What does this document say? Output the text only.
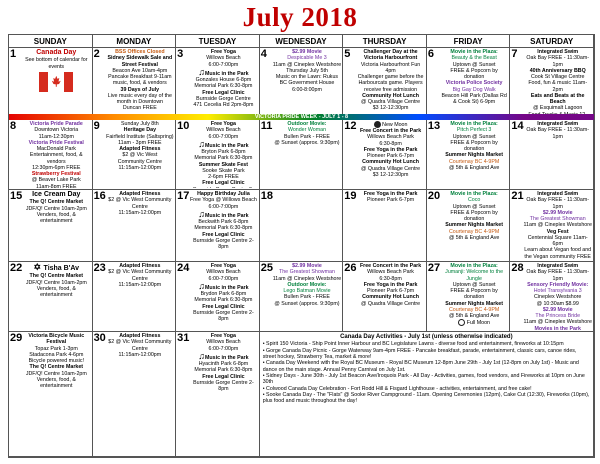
July 2018
SUNDAY	MONDAY	TUESDAY	WEDNESDAY	THURSDAY	FRIDAY	SATURDAY
1	Canada Day
See bottom of calendar for events
2	BSS Offices Closed
Sidney Sidewalk Sale and Street Festival
Beacon Ave 10am-4pm
Pancake Breakfast 9-11am
music, food, & vendors
39 Days of July
Live music every day of the month in Downtown
Duncan FREE
3	Free Yoga
Willows Beach
6:00-7:00pm
♫Music in the Park
Gonzales House 6-8pm
Memorial Park 6:30-8pm
Free Legal Clinic
Burnside Gorge Centre
471 Cecelia Rd 2pm-8pm
4	$2.99 Movie
Despicable Me 3
11am @ Cineplex Westshore
Thursday July 5th
Music on the Lawn: Rukus
BC Government House
6:00-8:00pm
5	Challenger Day at the Victoria Harbourfront
Victoria Harbourfront Fun 4pm
Challenger game before the Harbourcats game. Players receive free admission
Community Hot Lunch
@ Quadra Village Centre
$3 12-12:30pm
6	Movie in the Plaza:
Beauty & the Beast
Uptown @ Sunset
FREE & Popcorn by donation
Victoria Police Society
Big Gay Dog Walk
Beacon Hill Park (Dallas Rd & Cook St) 6-9pm
7	Integrated Swim
Oak Bay FREE - 11:30am-1pm
40th Anniversary BBQ
Cook St Village Centre
Food, fun & music 11am-2pm
Eats and Beats at the Beach
@ Esquimalt Lagoon
8	Victoria Pride Parade
Downtown Victoria
11am-12:30pm
Victoria Pride Festival
MacDonald Park
Entertainment, food, & vendors
12:30pm-6pm FREE
Strawberry Festival
@ Beaver Lake Park
11am-8pm FREE
9	Sunday July 8th
Heritage Day
Fairfield Institute (Saltspring)
11am - 3pm FREE
Adapted Fitness
$2 @ Vic West
Community Centre
11:15am-12:00pm
10	Free Yoga
Willows Beach
6:00-7:00pm
♫Music in the Park
Bryton Park 6-8pm
Memorial Park 6:30-8pm
Summer Skate Fest
Sooke Skate Park
2-6pm FREE
Free Legal Clinic
11	Outdoor Movie:
Wonder Woman
Bullen Park - FREE
@ Sunset (approx. 9:30pm)
12	New Moon
Free Concert in the Park
Willows Beach Park
6:30-8pm
Free Yoga in the Park
Pioneer Park 6-7pm
Community Hot Lunch
@ Quadra Village Centre
$3 12-12:30pm
13	Movie in the Plaza:
Pitch Perfect 3
Uptown @ Sunset
FREE & Popcorn by donation
Summer Nights Market
Courtenay BC 4-9PM
@ 5th & England Ave
14	Integrated Swim
Oak Bay FREE - 11:30am-1pm
15	Ice Cream Day
The Q! Centre Market
JDF/Q! Centre 10am-2pm
Venders, food, & entertainment
16	Adapted Fitness
$2 @ Vic West Community Centre
11:15am-12:00pm
17	Happy Birthday Julia
Free Yoga @ Willows Beach
6:00-7:00pm
♫Music in the Park
Beckwith Park 6-8pm
Memorial Park 6:30-8pm
Free Legal Clinic
Burnside Gorge Centre 2-8pm
18	19	Free Yoga in the Park
Pioneer Park 6-7pm	20	Movie in the Plaza:
Coco
Uptown @ Sunset
FREE & Popcorn by donation
Summer Nights Market
Courtenay BC 4-9PM
@ 5th & England Ave
21	Integrated Swim
Oak Bay FREE - 11:30am-1pm
$2.99 Movie
The Greatest Showman
11am @ Cineplex Westshore
Veg Fest
Centennial Square 11am-6pm
Learn about Vegan food and the Vegan community FREE
22	✡ Tisha B'Av
The Q! Centre Market
JDF/Q! Centre 10am-2pm
Venders, food, & entertainment
23	Adapted Fitness
$2 @ Vic West Community Centre
11:15am-12:00pm
24	Free Yoga
Willows Beach
6:00-7:00pm
♫Music in the Park
Brydon Park 6-8pm
Memorial Park 6:30-8pm
Free Legal Clinic
Burnside Gorge Centre 2-8pm
25	$2.99 Movie
The Greatest Showman
11am @ Cineplex Westshore
Outdoor Movie:
Lego Batman Movie
Bullen Park - FREE
@ Sunset (approx. 9:30pm)
26 Free Concert in the Park
Willows Beach Park
6:30-8pm
Free Yoga in the Park
Pioneer Park 6-7pm
Community Hot Lunch
@ Quadra Village Centre
27	Movie in the Plaza:
Jumanji: Welcome to the Jungle
Uptown @ Sunset
FREE & Popcorn by donation
Summer Nights Market
Courtenay BC 4-9PM
@ 5th & England Ave
Full Moon
28	Integrated Swim
Oak Bay FREE - 11:30am-1pm
Sensory Friendly Movie:
Hotel Transylvania 3
Cineplex Westshore
@ 10:30am $8.99
$2.99 Movie
The Princess Bride
11am @ Cineplex Westshore
Movies in the Park
29	Victoria Bicycle Music Festival
Topaz Park 1-3pm
Stadacona Park 4-6pm
Bicycle powered music!
The Q! Centre Market
JDF/Q! Centre 10am-2pm
Venders, food, & entertainment
30	Adapted Fitness
$2 @ Vic West Community Centre
11:15am-12:00pm
31	Free Yoga
Willows Beach
6:00-7:00pm
♫Music in the Park
Hyacinth Park 6-8pm
Memorial Park 6:30-8pm
Free Legal Clinic
Burnside Gorge Centre 2-8pm
VICTORIA PRIDE WEEK - JULY 1 - 8
Canada Day Activities - July 1st (unless otherwise indicated)
• Spirit 150 Victoria - Ship Point Inner Harbour and BC Legislature Lawns - diverse food and entertainment, fireworks at 10:15pm
• Gorge Canada Day Picnic - Gorge Waterway 9am-4pm FREE - Pancake breakfast, parade, entertainment, classic cars, canoe rides, street hockey, Strawberry Tea, market & more!
• Canada Day Weekend with the Royal BC Museum - Royal BC Museum 12-8pm June 29th - July 1st (12-8pm on July 1st) - Music and dance on the main stage. Annual Penny Carnival on July 1st.
• Sidney Days - June 30th - July 1st Beacon Ave/Iroquois Park - All Day - Activities, games, food vendors, and Fireworks at 10pm on June 30th
• Colwood Canada Day Celebration - Fort Rodd Hill & Fisgard Lighthouse - activities, entertainment, and free cake!
• Sooke Canada Day - The "Flats" @ Sooke River Campground - 11am. Opening Ceremonies (12pm), Cake Cut (12:30), Fireworks (10pm), plus food and music throughout the day!
